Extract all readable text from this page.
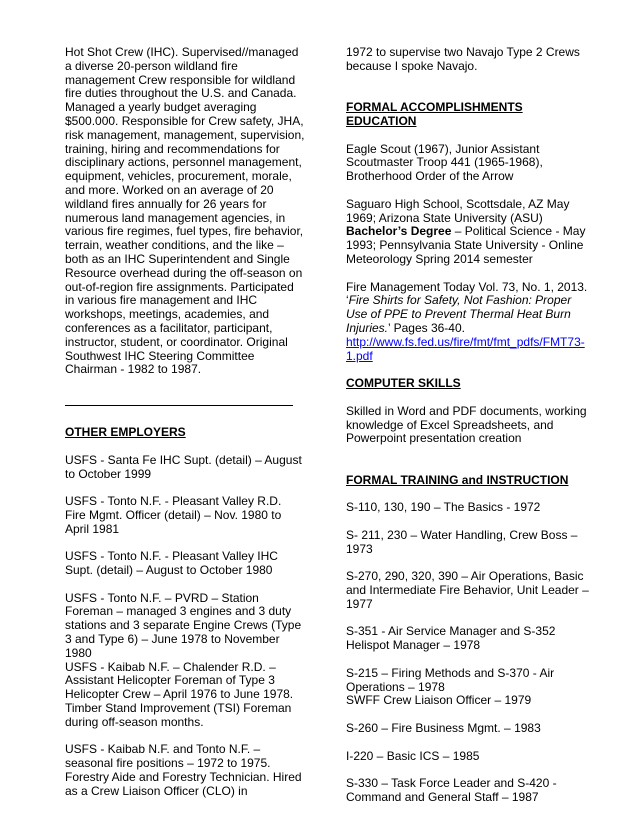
Hot Shot Crew (IHC). Supervised//managed a diverse 20-person wildland fire management Crew responsible for wildland fire duties throughout the U.S. and Canada. Managed a yearly budget averaging $500.000. Responsible for Crew safety, JHA, risk management, management, supervision, training, hiring and recommendations for disciplinary actions, personnel management, equipment, vehicles, procurement, morale, and more. Worked on an average of 20 wildland fires annually for 26 years for numerous land management agencies, in various fire regimes, fuel types, fire behavior, terrain, weather conditions, and the like – both as an IHC Superintendent and Single Resource overhead during the off-season on out-of-region fire assignments. Participated in various fire management and IHC workshops, meetings, academies, and conferences as a facilitator, participant, instructor, student, or coordinator. Original Southwest IHC Steering Committee Chairman - 1982 to 1987.

OTHER EMPLOYERS

USFS - Santa Fe IHC Supt. (detail) – August to October 1999

USFS - Tonto N.F. - Pleasant Valley R.D. Fire Mgmt. Officer (detail) – Nov. 1980 to April 1981

USFS - Tonto N.F. - Pleasant Valley IHC Supt. (detail) – August to October 1980

USFS - Tonto N.F. – PVRD – Station Foreman – managed 3 engines and 3 duty stations and 3 separate Engine Crews (Type 3 and Type 6) – June 1978 to November 1980

USFS - Kaibab N.F. – Chalender R.D. – Assistant Helicopter Foreman of Type 3 Helicopter Crew – April 1976 to June 1978. Timber Stand Improvement (TSI) Foreman during off-season months.

USFS - Kaibab N.F. and Tonto N.F. – seasonal fire positions – 1972 to 1975. Forestry Aide and Forestry Technician. Hired as a Crew Liaison Officer (CLO) in

1972 to supervise two Navajo Type 2 Crews because I spoke Navajo.

FORMAL ACCOMPLISHMENTS

EDUCATION

Eagle Scout (1967), Junior Assistant Scoutmaster Troop 441 (1965-1968), Brotherhood Order of the Arrow

Saguaro High School, Scottsdale, AZ May 1969; Arizona State University (ASU) Bachelor’s Degree – Political Science - May 1993; Pennsylvania State University - Online Meteorology Spring 2014 semester

Fire Management Today Vol. 73, No. 1, 2013. ‘Fire Shirts for Safety, Not Fashion: Proper Use of PPE to Prevent Thermal Heat Burn Injuries.’ Pages 36-40.
http://www.fs.fed.us/fire/fmt/fmt_pdfs/FMT73-1.pdf

COMPUTER SKILLS

Skilled in Word and PDF documents, working knowledge of Excel Spreadsheets, and Powerpoint presentation creation

FORMAL TRAINING and INSTRUCTION

S-110, 130, 190 – The Basics - 1972

S- 211, 230 – Water Handling, Crew Boss – 1973

S-270, 290, 320, 390 – Air Operations, Basic and Intermediate Fire Behavior, Unit Leader – 1977

S-351 - Air Service Manager and S-352 Helispot Manager – 1978

S-215 – Firing Methods and S-370 - Air Operations – 1978

SWFF Crew Liaison Officer – 1979

S-260 – Fire Business Mgmt. – 1983

I-220 – Basic ICS – 1985

S-330 – Task Force Leader and S-420 - Command and General Staff – 1987
